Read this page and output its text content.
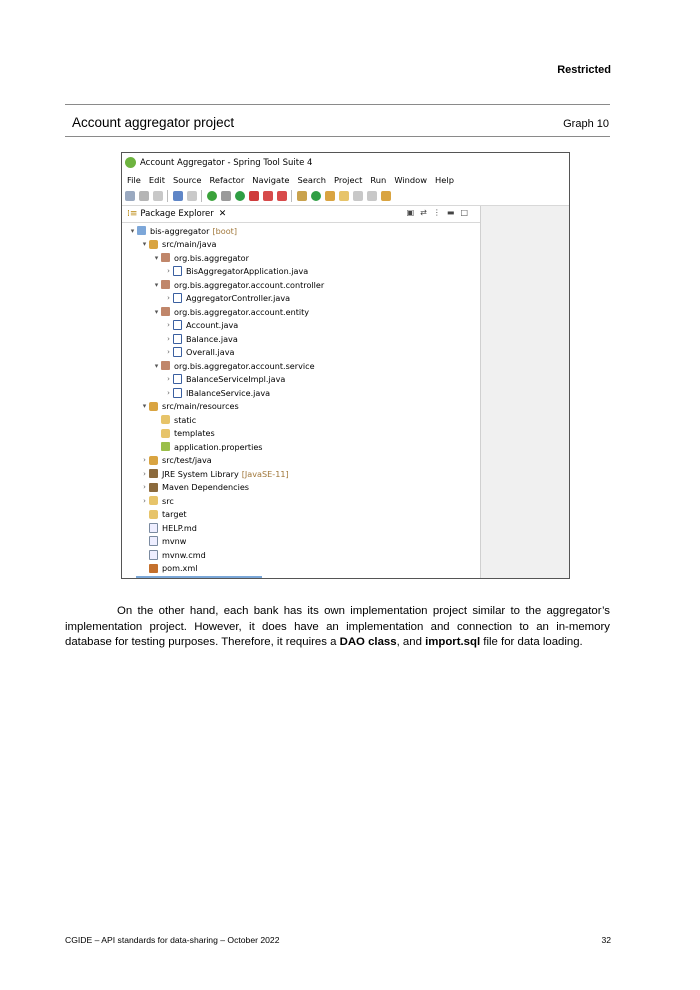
Restricted
Account aggregator project	Graph 10
Account Aggregator - Spring Tool Suite 4
File Edit Source Refactor Navigate Search Project Run Window Help
⁞≡ Package Explorer ✕	▣ ⇄ ⋮ ▬ □
▾	bis-aggregator [boot]
▾	src/main/java
▾	org.bis.aggregator
›	BisAggregatorApplication.java
▾	org.bis.aggregator.account.controller
›	AggregatorController.java
▾	org.bis.aggregator.account.entity
›	Account.java
›	Balance.java
›	Overall.java
▾	org.bis.aggregator.account.service
›	BalanceServiceImpl.java
›	IBalanceService.java
▾	src/main/resources
static
templates
application.properties
›	src/test/java
›	JRE System Library [JavaSE-11]
›	Maven Dependencies
›	src
target
HELP.md
mvnw
mvnw.cmd
pom.xml

On the other hand, each bank has its own implementation project similar to the aggregator’s implementation project. However, it does have an implementation and connection to an in-memory database for testing purposes. Therefore, it requires a DAO class, and import.sql file for data loading.

CGIDE – API standards for data-sharing – October 2022	32
